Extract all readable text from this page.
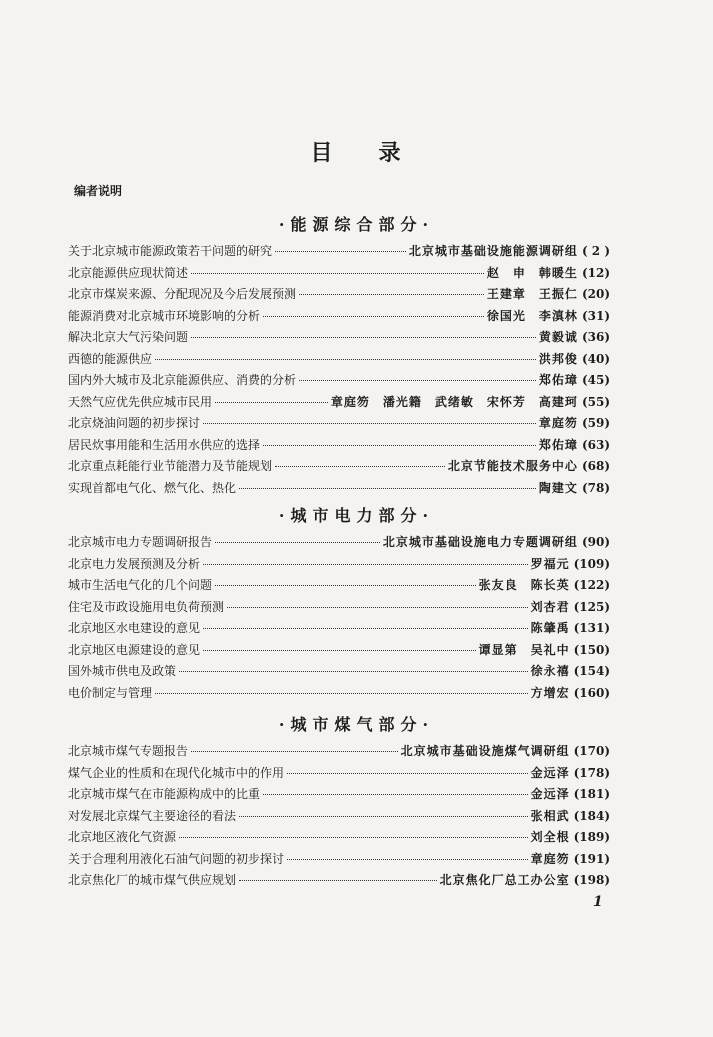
目 录
编者说明
·能源综合部分·
关于北京城市能源政策若干问题的研究	北京城市基础设施能源调研组 ( 2 )
北京能源供应现状简述	赵　申　韩暖生 (12)
北京市煤炭来源、分配现况及今后发展预测	王建章　王振仁 (20)
能源消费对北京城市环境影响的分析	徐国光　李滇林 (31)
解决北京大气污染问题	黄毅诚 (36)
西德的能源供应	洪邦俊 (40)
国内外大城市及北京能源供应、消费的分析	郑佑璋 (45)
天然气应优先供应城市民用	章庭笏　潘光籍　武绪敏　宋怀芳　高建珂 (55)
北京烧油问题的初步探讨	章庭笏 (59)
居民炊事用能和生活用水供应的选择	郑佑璋 (63)
北京重点耗能行业节能潜力及节能规划	北京节能技术服务中心 (68)
实现首都电气化、燃气化、热化	陶建文 (78)
·城市电力部分·
北京城市电力专题调研报告	北京城市基础设施电力专题调研组 (90)
北京电力发展预测及分析	罗福元 (109)
城市生活电气化的几个问题	张友良　陈长英 (122)
住宅及市政设施用电负荷预测	刘杏君 (125)
北京地区水电建设的意见	陈肇禹 (131)
北京地区电源建设的意见	谭显第　吴礼中 (150)
国外城市供电及政策	徐永禧 (154)
电价制定与管理	方增宏 (160)
·城市煤气部分·
北京城市煤气专题报告	北京城市基础设施煤气调研组 (170)
煤气企业的性质和在现代化城市中的作用	金远泽 (178)
北京城市煤气在市能源构成中的比重	金远泽 (181)
对发展北京煤气主要途径的看法	张相武 (184)
北京地区液化气资源	刘全根 (189)
关于合理利用液化石油气问题的初步探讨	章庭笏 (191)
北京焦化厂的城市煤气供应规划	北京焦化厂总工办公室 (198)
1
